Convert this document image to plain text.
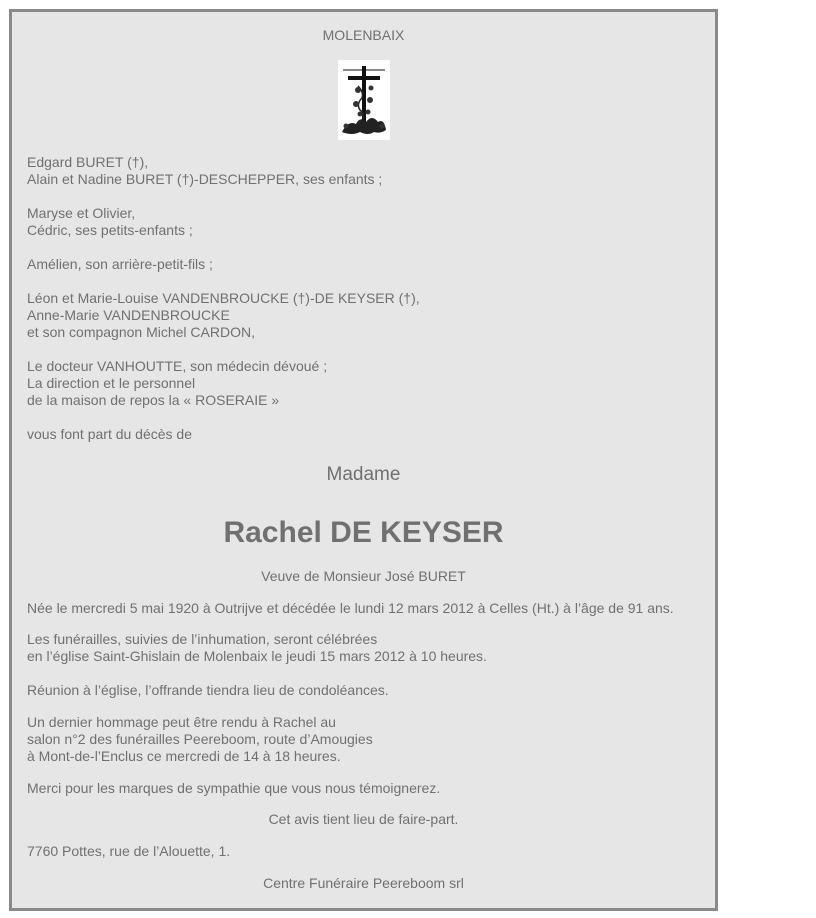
MOLENBAIX
Edgard BURET (†),
Alain et Nadine BURET (†)-DESCHEPPER, ses enfants ;
Maryse et Olivier,
Cédric, ses petits-enfants ;
Amélien, son arrière-petit-fils ;
Léon et Marie-Louise VANDENBROUCKE (†)-DE KEYSER (†),
Anne-Marie VANDENBROUCKE
et son compagnon Michel CARDON,
Le docteur VANHOUTTE, son médecin dévoué ;
La direction et le personnel
de la maison de repos la « ROSERAIE »
vous font part du décès de
Madame
Rachel DE KEYSER
Veuve de Monsieur José BURET
Née le mercredi 5 mai 1920 à Outrijve et décédée le lundi 12 mars 2012 à Celles (Ht.) à l’âge de 91 ans.
Les funérailles, suivies de l’inhumation, seront célébrées
en l’église Saint-Ghislain de Molenbaix le jeudi 15 mars 2012 à 10 heures.
Réunion à l’église, l’offrande tiendra lieu de condoléances.
Un dernier hommage peut être rendu à Rachel au
salon n°2 des funérailles Peereboom, route d’Amougies
à Mont-de-l’Enclus ce mercredi de 14 à 18 heures.
Merci pour les marques de sympathie que vous nous témoignerez.
Cet avis tient lieu de faire-part.
7760 Pottes, rue de l’Alouette, 1.
Centre Funéraire Peereboom srl
